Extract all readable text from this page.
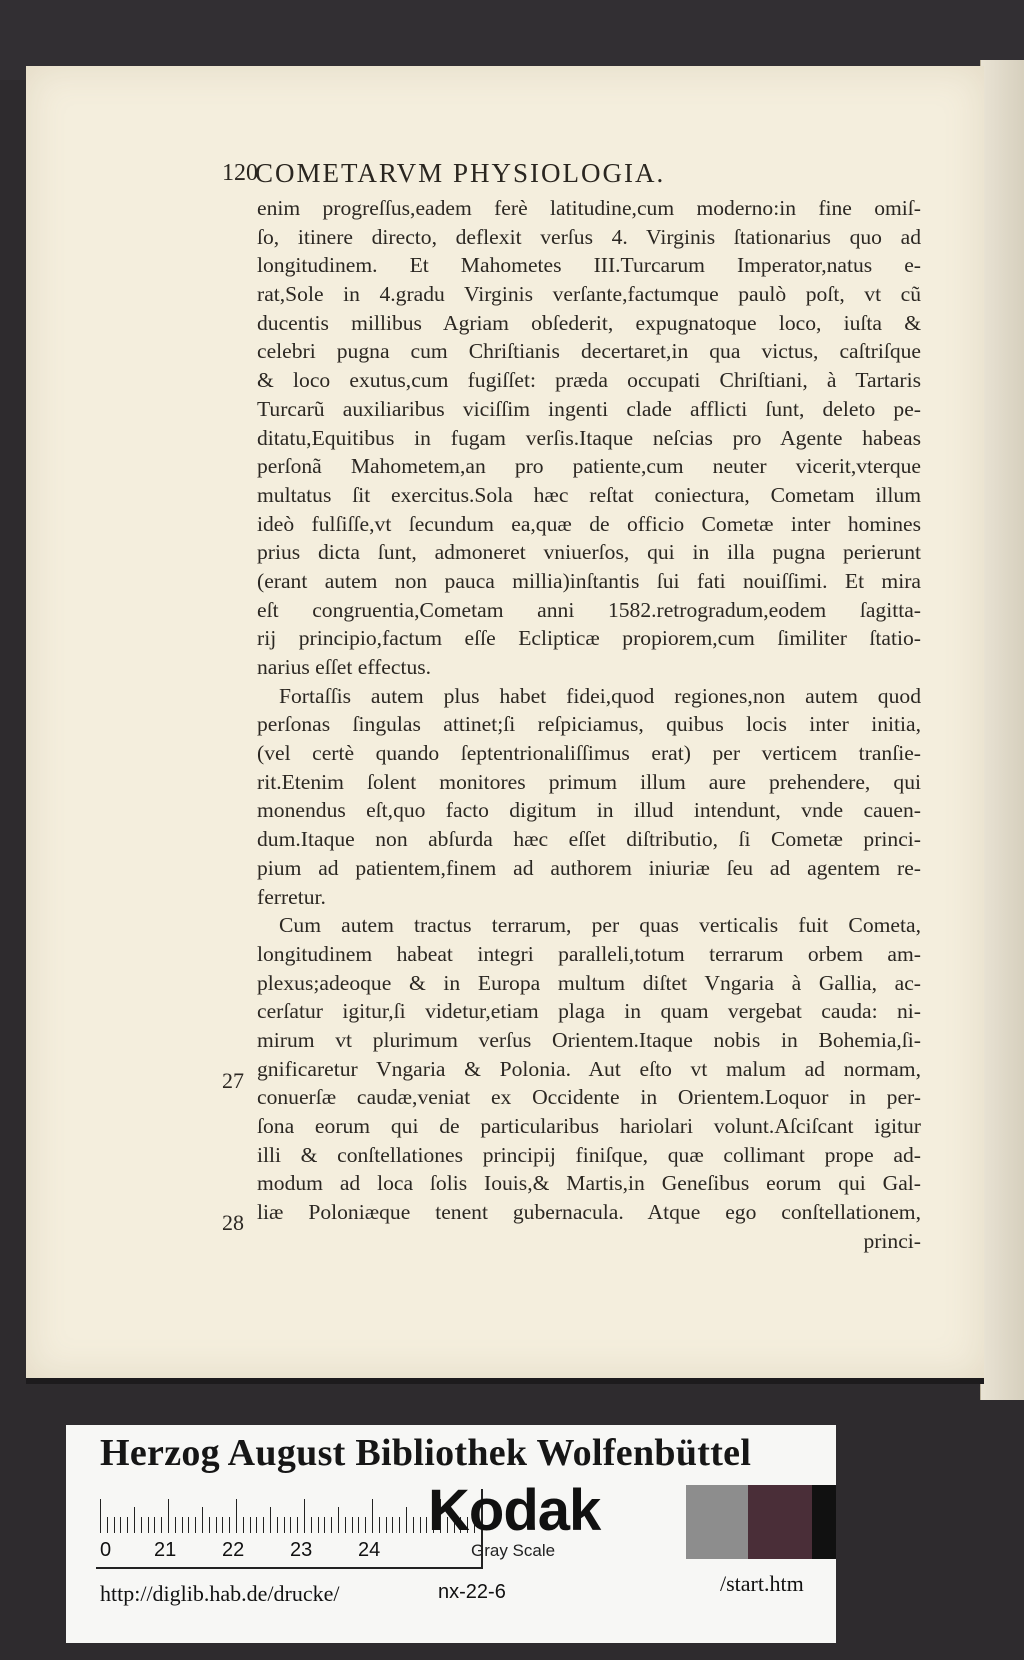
120
COMETARVM PHYSIOLOGIA.
27
28
enim progreſſus,eadem ferè latitudine,cum moderno:in fine omiſ-
ſo, itinere directo, deflexit verſus 4. Virginis ſtationarius quo ad
longitudinem. Et Mahometes III.Turcarum Imperator,natus e-
rat,Sole in 4.gradu Virginis verſante,factumque paulò poſt, vt cũ
ducentis millibus Agriam obſederit, expugnatoque loco, iuſta &
celebri pugna cum Chriſtianis decertaret,in qua victus, caſtriſque
& loco exutus,cum fugiſſet: præda occupati Chriſtiani, à Tartaris
Turcarũ auxiliaribus viciſſim ingenti clade afflicti ſunt, deleto pe-
ditatu,Equitibus in fugam verſis.Itaque neſcias pro Agente habeas
perſonã Mahometem,an pro patiente,cum neuter vicerit,vterque
multatus ſit exercitus.Sola hæc reſtat coniectura, Cometam illum
ideò fulſiſſe,vt ſecundum ea,quæ de officio Cometæ inter homines
prius dicta ſunt, admoneret vniuerſos, qui in illa pugna perierunt
(erant autem non pauca millia)inſtantis ſui fati nouiſſimi. Et mira
eſt congruentia,Cometam anni 1582.retrogradum,eodem ſagitta-
rij principio,factum eſſe Eclipticæ propiorem,cum ſimiliter ſtatio-
narius eſſet effectus.
Fortaſſis autem plus habet fidei,quod regiones,non autem quod
perſonas ſingulas attinet;ſi reſpiciamus, quibus locis inter initia,
(vel certè quando ſeptentrionaliſſimus erat) per verticem tranſie-
rit.Etenim ſolent monitores primum illum aure prehendere, qui
monendus eſt,quo facto digitum in illud intendunt, vnde cauen-
dum.Itaque non abſurda hæc eſſet diſtributio, ſi Cometæ princi-
pium ad patientem,finem ad authorem iniuriæ ſeu ad agentem re-
ferretur.
Cum autem tractus terrarum, per quas verticalis fuit Cometa,
longitudinem habeat integri paralleli,totum terrarum orbem am-
plexus;adeoque & in Europa multum diſtet Vngaria à Gallia, ac-
cerſatur igitur,ſi videtur,etiam plaga in quam vergebat cauda: ni-
mirum vt plurimum verſus Orientem.Itaque nobis in Bohemia,ſi-
gnificaretur Vngaria & Polonia. Aut eſto vt malum ad normam,
conuerſæ caudæ,veniat ex Occidente in Orientem.Loquor in per-
ſona eorum qui de particularibus hariolari volunt.Aſciſcant igitur
illi & conſtellationes principij finiſque, quæ collimant prope ad-
modum ad loca ſolis Iouis,& Martis,in Geneſibus eorum qui Gal-
liæ Poloniæque tenent gubernacula. Atque ego conſtellationem,
princi-
Herzog August Bibliothek Wolfenbüttel
0 21 22 23 24
Kodak
Gray Scale
http://diglib.hab.de/drucke/	nx-22-6	/start.htm
